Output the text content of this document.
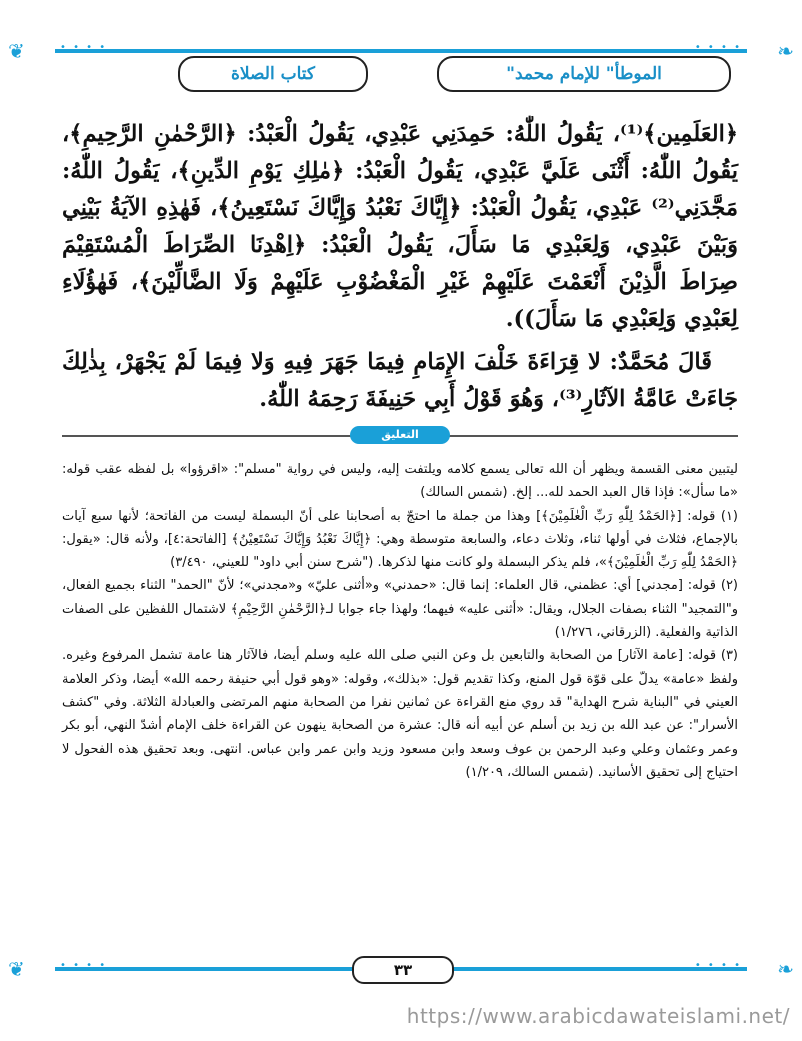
❦	• • • •	• • • • ❧
"الموطأ" للإمام محمد
كتاب الصلاة

﴿العَلَمِين﴾⁽¹⁾، يَقُولُ اللّٰهُ: حَمِدَنِي عَبْدِي، يَقُولُ الْعَبْدُ: ﴿الرَّحْمٰنِ الرَّحِيمِ﴾، يَقُولُ اللّٰهُ: أَثْنَى عَلَيَّ عَبْدِي، يَقُولُ الْعَبْدُ: ﴿مٰلِكِ يَوْمِ الدِّينِ﴾، يَقُولُ اللّٰهُ: مَجَّدَنِي⁽²⁾ عَبْدِي، يَقُولُ الْعَبْدُ: ﴿إِيَّاكَ نَعْبُدُ وَإِيَّاكَ نَسْتَعِينُ﴾، فَهٰذِهِ الآيَةُ بَيْنِي وَبَيْنَ عَبْدِي، وَلِعَبْدِي مَا سَأَلَ، يَقُولُ الْعَبْدُ: ﴿اِهْدِنَا الصِّرَاطَ الْمُسْتَقِيْمَ صِرَاطَ الَّذِيْنَ أَنْعَمْتَ عَلَيْهِمْ غَيْرِ الْمَغْضُوْبِ عَلَيْهِمْ وَلَا الضَّالِّيْنَ﴾، فَهٰؤُلَاءِ لِعَبْدِي وَلِعَبْدِي مَا سَأَلَ)).

قَالَ مُحَمَّدٌ: لا قِرَاءَةَ خَلْفَ الإِمَامِ فِيمَا جَهَرَ فِيهِ وَلا فِيمَا لَمْ يَجْهَرْ، بِذٰلِكَ جَاءَتْ عَامَّةُ الآثَارِ⁽³⁾، وَهُوَ قَوْلُ أَبِي حَنِيفَةَ رَحِمَهُ اللّٰهُ.

التعليق

ليتبين معنى القسمة ويظهر أن الله تعالى يسمع كلامه ويلتفت إليه، وليس في رواية "مسلم": «اقرؤوا» بل لفظه عقب قوله: «ما سأل»: فإذا قال العبد الحمد لله... إلخ. (شمس السالك)

(١) قوله: [﴿الحَمْدُ لِلّٰهِ رَبِّ الْعٰلَمِيْنَ﴾] وهذا من جملة ما احتجّ به أصحابنا على أنّ البسملة ليست من الفاتحة؛ لأنها سبع آيات بالإجماع، فثلاث في أولها ثناء، وثلاث دعاء، والسابعة متوسطة وهي: ﴿إِيَّاكَ نَعْبُدُ وَإِيَّاكَ نَسْتَعِيْنُ﴾ [الفاتحة:٤]، ولأنه قال: «يقول: ﴿الحَمْدُ لِلّٰهِ رَبِّ الْعٰلَمِيْنَ﴾»، فلم يذكر البسملة ولو كانت منها لذكرها. ("شرح سنن أبي داود" للعيني، ٣/٤٩٠)

(٢) قوله: [مجدني] أي: عظمني، قال العلماء: إنما قال: «حمدني» و«أثنى عليّ» و«مجدني»؛ لأنّ "الحمد" الثناء بجميع الفعال، و"التمجيد" الثناء بصفات الجلال، ويقال: «أثنى عليه» فيهما؛ ولهذا جاء جوابا لـ﴿الرَّحْمٰنِ الرَّحِيْمِ﴾ لاشتمال اللفظين على الصفات الذاتية والفعلية. (الزرقاني، ١/٢٧٦)

(٣) قوله: [عامة الآثار] من الصحابة والتابعين بل وعن النبي صلى الله عليه وسلم أيضا، فالآثار هنا عامة تشمل المرفوع وغيره. ولفظ «عامة» يدلّ على قوّة قول المنع، وكذا تقديم قول: «بذلك»، وقوله: «وهو قول أبي حنيفة رحمه الله» أيضا، وذكر العلامة العيني في "البناية شرح الهداية" قد روي منع القراءة عن ثمانين نفرا من الصحابة منهم المرتضى والعبادلة الثلاثة. وفي "كشف الأسرار": عن عبد الله بن زيد بن أسلم عن أبيه أنه قال: عشرة من الصحابة ينهون عن القراءة خلف الإمام أشدّ النهي، أبو بكر وعمر وعثمان وعلي وعبد الرحمن بن عوف وسعد وابن مسعود وزيد وابن عمر وابن عباس. انتهى. وبعد تحقيق هذه الفحول لا احتياج إلى تحقيق الأسانيد. (شمس السالك، ١/٢٠٩)

❦	• • • •	• • • • ❧
٣٣
https://www.arabicdawateislami.net/
